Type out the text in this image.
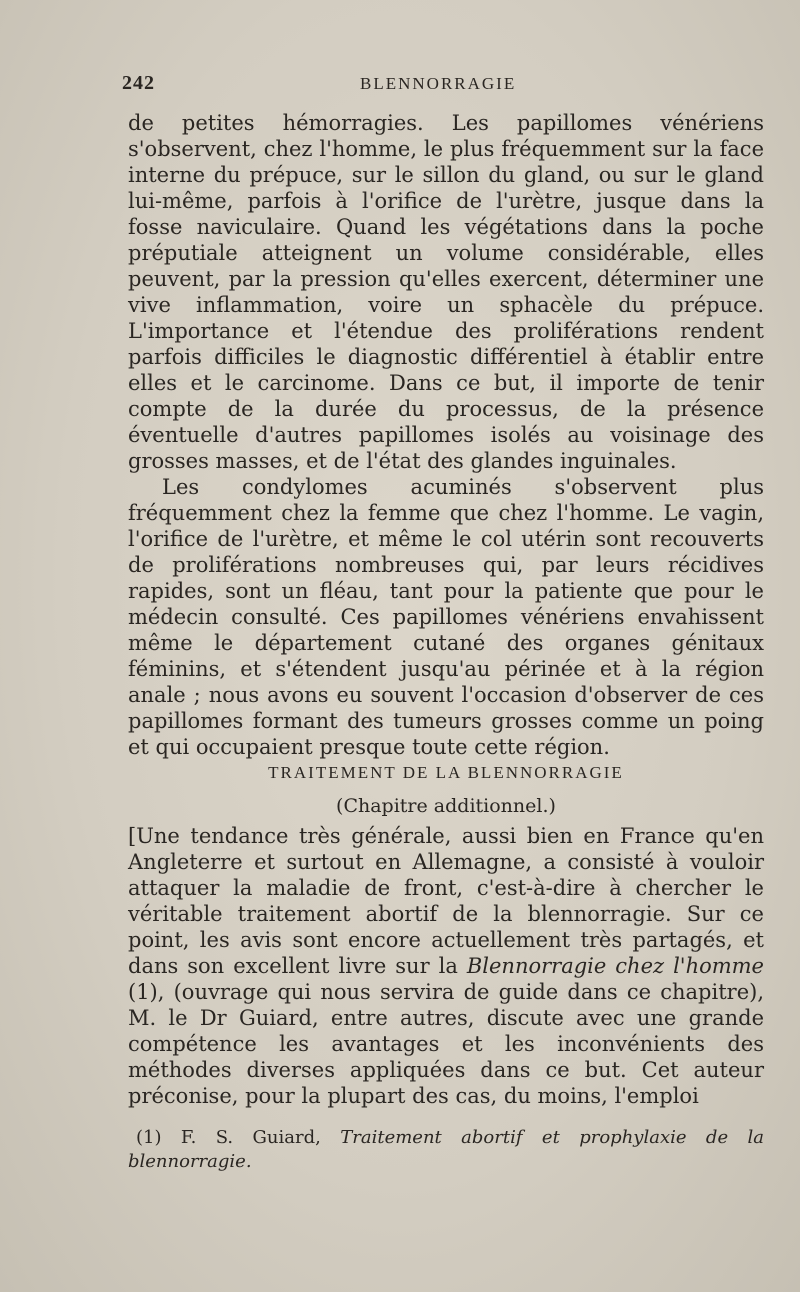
242	BLENNORRAGIE

de petites hémorragies. Les papillomes vénériens s'observent, chez l'homme, le plus fréquemment sur la face interne du prépuce, sur le sillon du gland, ou sur le gland lui-même, parfois à l'orifice de l'urètre, jusque dans la fosse naviculaire. Quand les végétations dans la poche préputiale atteignent un volume considérable, elles peuvent, par la pression qu'elles exercent, déterminer une vive inflammation, voire un sphacèle du prépuce. L'importance et l'étendue des proliférations rendent parfois difficiles le diagnostic différentiel à établir entre elles et le carcinome. Dans ce but, il importe de tenir compte de la durée du processus, de la présence éventuelle d'autres papillomes isolés au voisinage des grosses masses, et de l'état des glandes inguinales.

Les condylomes acuminés s'observent plus fréquemment chez la femme que chez l'homme. Le vagin, l'orifice de l'urètre, et même le col utérin sont recouverts de proliférations nombreuses qui, par leurs récidives rapides, sont un fléau, tant pour la patiente que pour le médecin consulté. Ces papillomes vénériens envahissent même le département cutané des organes génitaux féminins, et s'étendent jusqu'au périnée et à la région anale ; nous avons eu souvent l'occasion d'observer de ces papillomes formant des tumeurs grosses comme un poing et qui occupaient presque toute cette région.

TRAITEMENT DE LA BLENNORRAGIE
(Chapitre additionnel.)
[Une tendance très générale, aussi bien en France qu'en Angleterre et surtout en Allemagne, a consisté à vouloir attaquer la maladie de front, c'est-à-dire à chercher le véritable traitement abortif de la blennorragie. Sur ce point, les avis sont encore actuellement très partagés, et dans son excellent livre sur la Blennorragie chez l'homme (1), (ouvrage qui nous servira de guide dans ce chapitre), M. le Dr Guiard, entre autres, discute avec une grande compétence les avantages et les inconvénients des méthodes diverses appliquées dans ce but. Cet auteur préconise, pour la plupart des cas, du moins, l'emploi
(1) F. S. Guiard, Traitement abortif et prophylaxie de la blennorragie.
